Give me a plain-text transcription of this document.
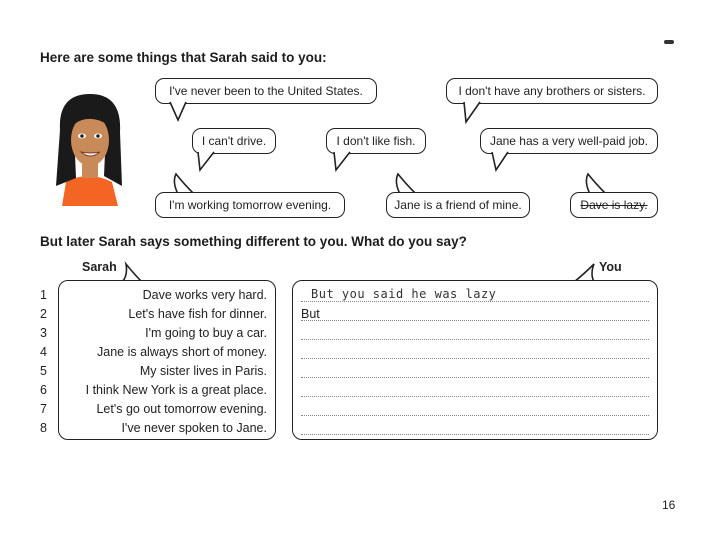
Here are some things that Sarah said to you:
I've never been to the United States.	I don't have any brothers or sisters.
I can't drive.	I don't like fish.	Jane has a very well-paid job.
I'm working tomorrow evening.	Jane is a friend of mine.	Dave is lazy.
But later Sarah says something different to you. What do you say?
Sarah	You
1
2
3
4
5
6
7
8
Dave works very hard.
Let's have fish for dinner.
I'm going to buy a car.
Jane is always short of money.
My sister lives in Paris.
I think New York is a great place.
Let's go out tomorrow evening.
I've never spoken to Jane.
But you said he was lazy
But
16
